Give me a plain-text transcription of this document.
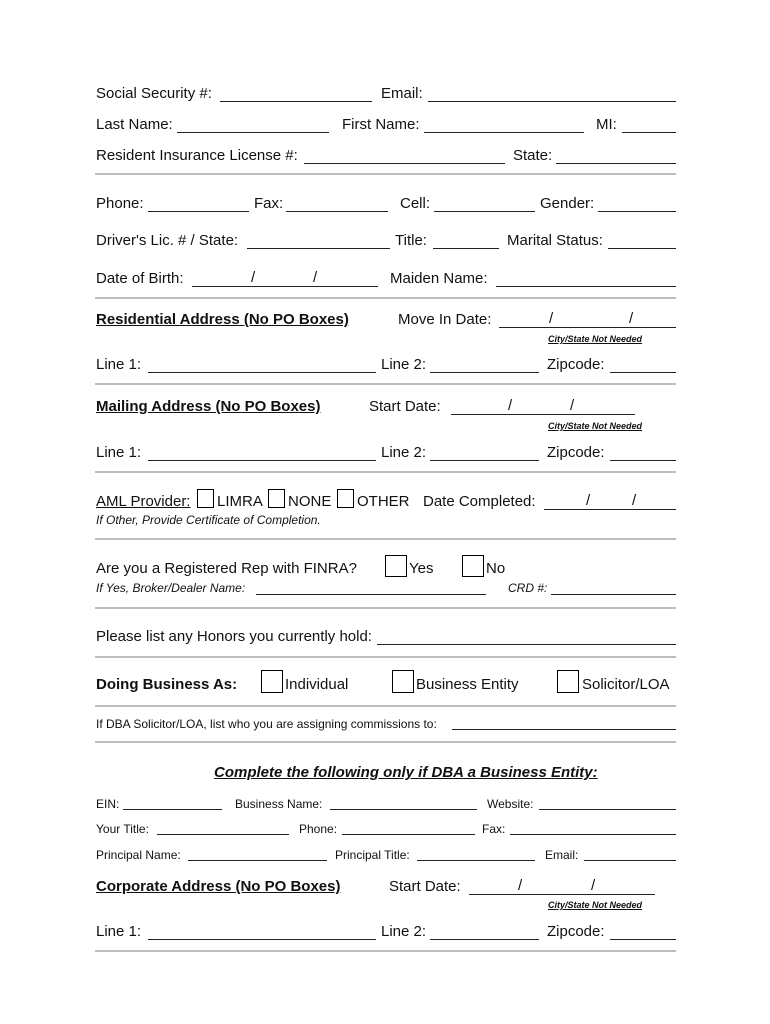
Social Security #:	Email:
Last Name:	First Name:	MI:
Resident Insurance License #:	State:
Phone:	Fax:	Cell:	Gender:
Driver's Lic. # / State:	Title:	Marital Status:
Date of Birth:	/	/	Maiden Name:
Residential Address (No PO Boxes)	Move In Date:	/	/
City/State Not Needed
Line 1:	Line 2:	Zipcode:
Mailing Address (No PO Boxes)	Start Date:	/	/
City/State Not Needed
Line 1:	Line 2:	Zipcode:
AML Provider: LIMRA NONE OTHER Date Completed:	/	/
If Other, Provide Certificate of Completion.
Are you a Registered Rep with FINRA?	Yes	No
If Yes, Broker/Dealer Name:	CRD #:
Please list any Honors you currently hold:
Doing Business As:	Individual	Business Entity	Solicitor/LOA
If DBA Solicitor/LOA, list who you are assigning commissions to:
Complete the following only if DBA a Business Entity:
EIN:	Business Name:	Website:
Your Title:	Phone:	Fax:
Principal Name:	Principal Title:	Email:
Corporate Address (No PO Boxes)	Start Date:	/	/
City/State Not Needed
Line 1:	Line 2:	Zipcode:
